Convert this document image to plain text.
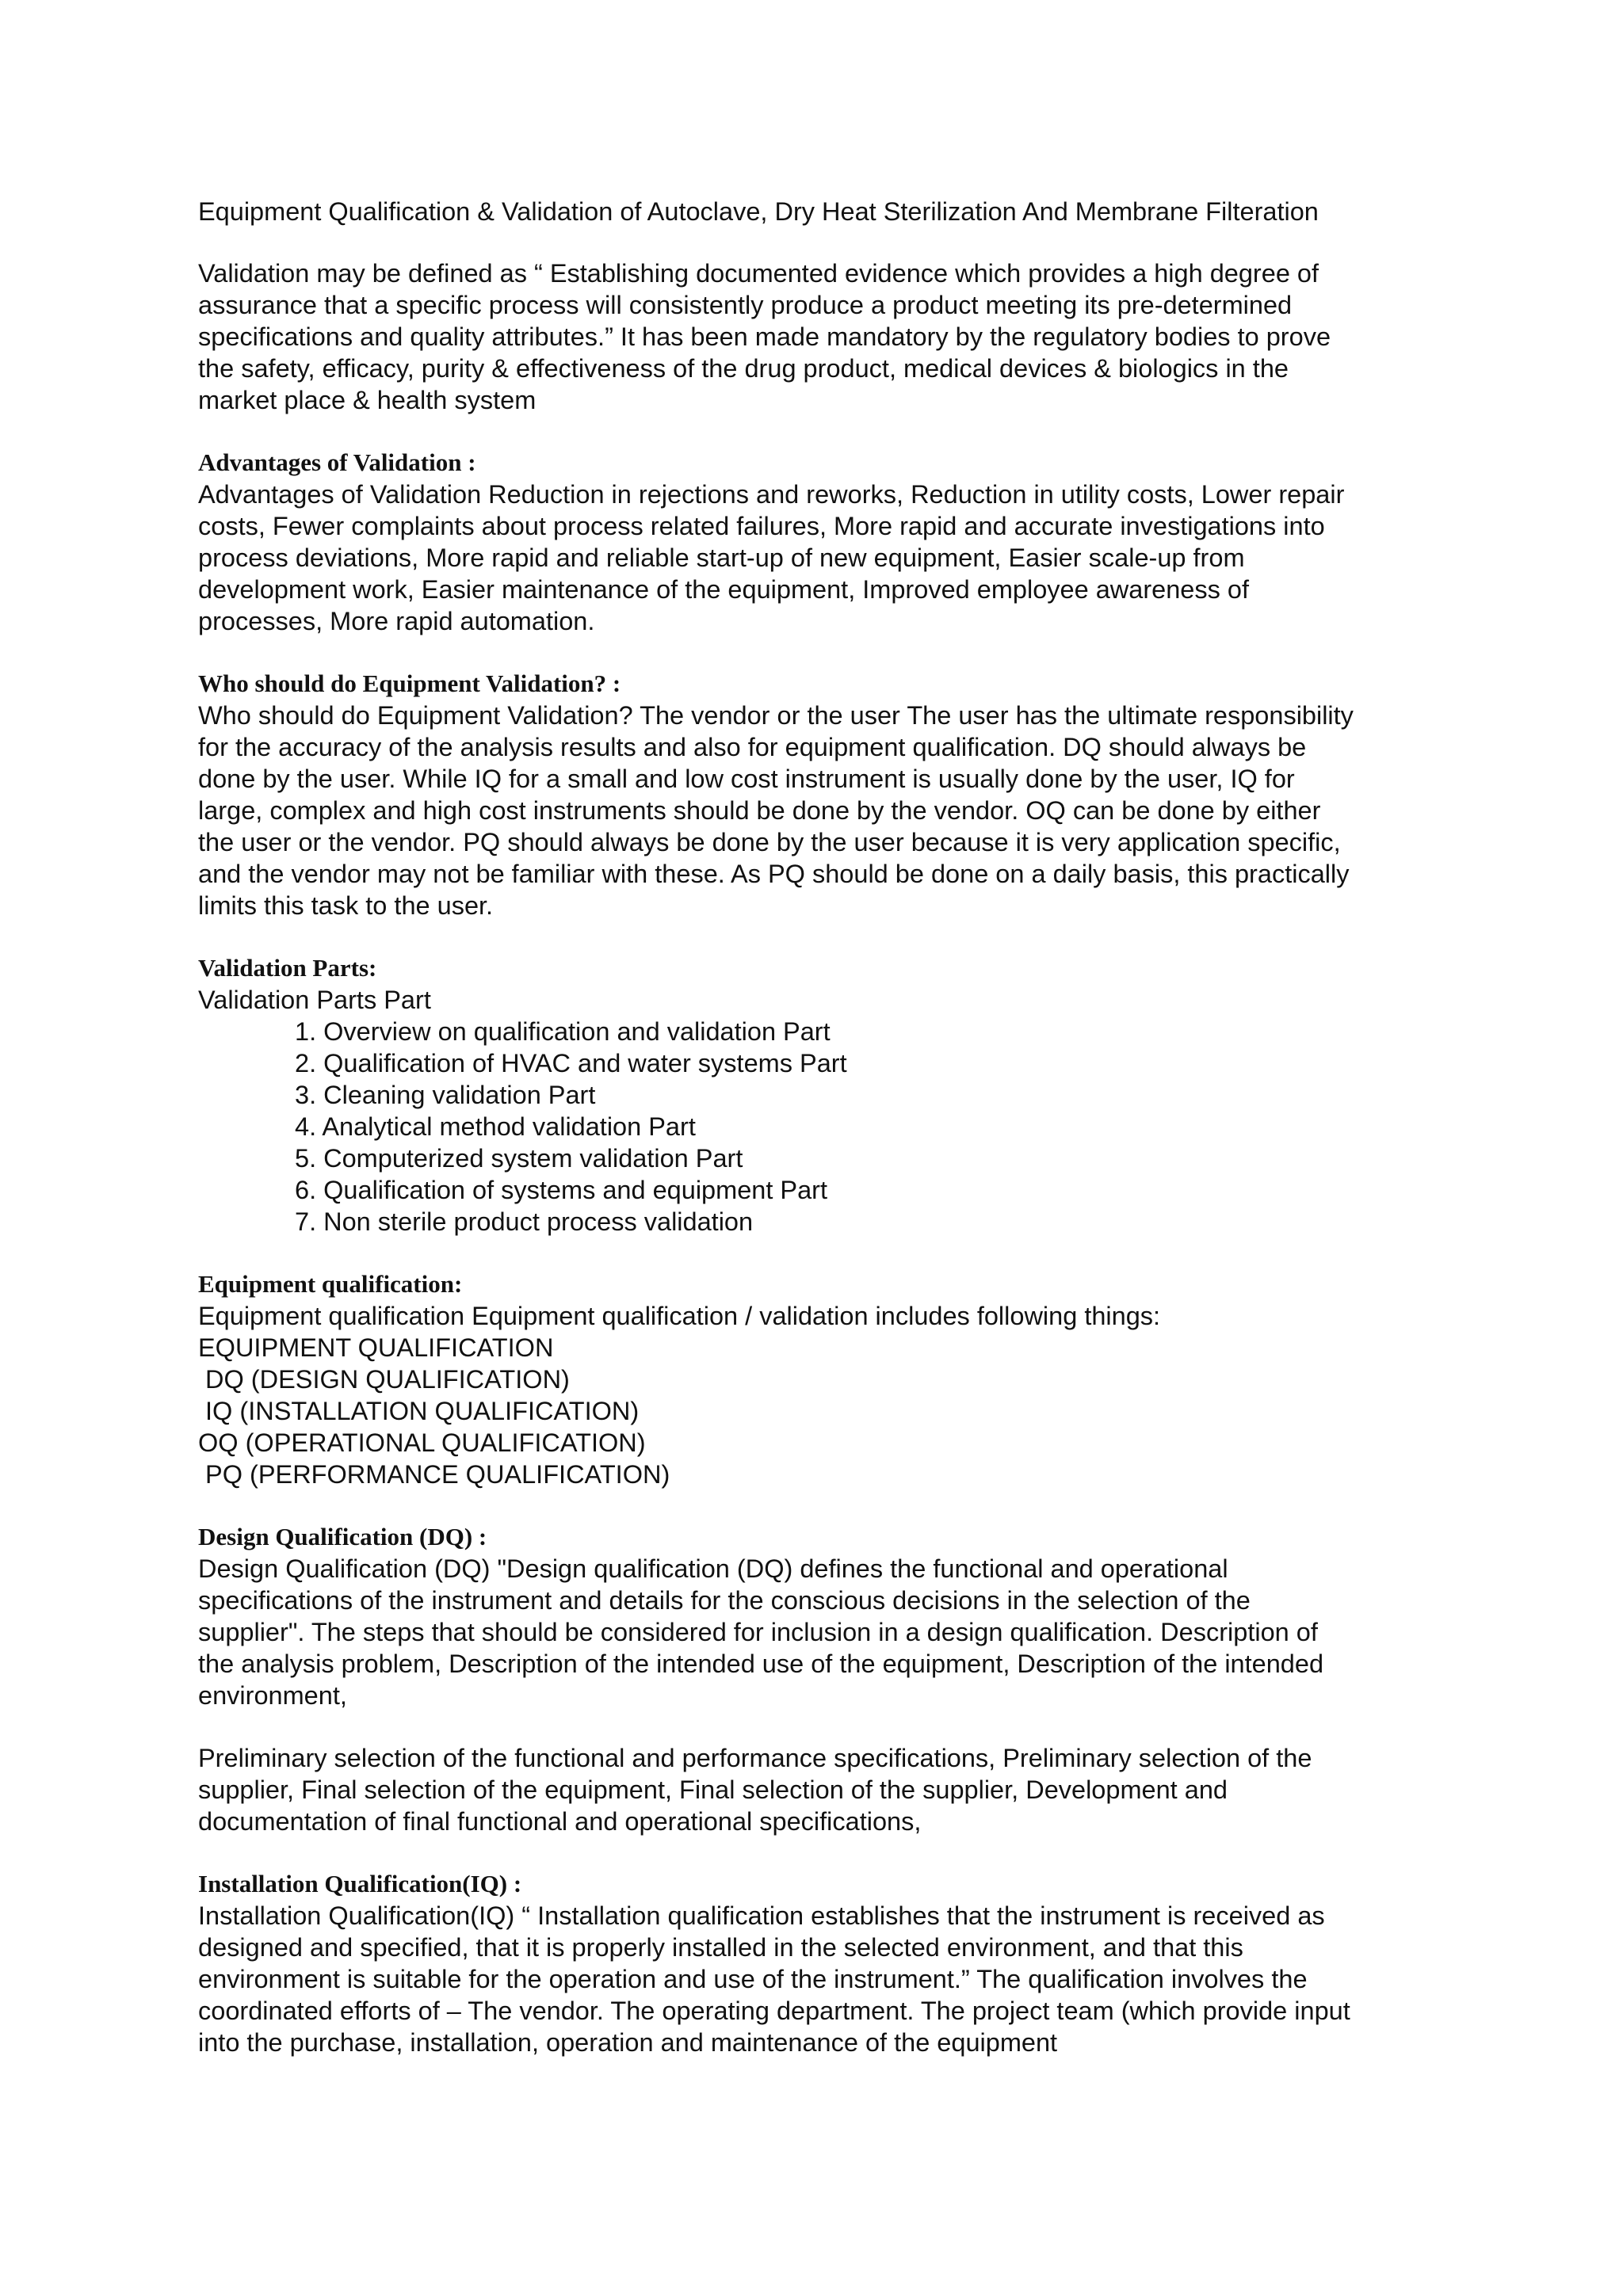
Equipment Qualification & Validation of Autoclave, Dry Heat Sterilization And Membrane Filteration
Validation may be defined as “ Establishing documented evidence which provides a high degree of
assurance that a specific process will consistently produce a product meeting its pre-determined
specifications and quality attributes.” It has been made mandatory by the regulatory bodies to prove
the safety, efficacy, purity & effectiveness of the drug product, medical devices & biologics in the
market place & health system
Advantages of Validation :
Advantages of Validation Reduction in rejections and reworks, Reduction in utility costs, Lower repair
costs, Fewer complaints about process related failures, More rapid and accurate investigations into
process deviations, More rapid and reliable start-up of new equipment, Easier scale-up from
development work, Easier maintenance of the equipment, Improved employee awareness of
processes, More rapid automation.
Who should do Equipment Validation? :
Who should do Equipment Validation? The vendor or the user The user has the ultimate responsibility
for the accuracy of the analysis results and also for equipment qualification. DQ should always be
done by the user. While IQ for a small and low cost instrument is usually done by the user, IQ for
large, complex and high cost instruments should be done by the vendor. OQ can be done by either
the user or the vendor. PQ should always be done by the user because it is very application specific,
and the vendor may not be familiar with these. As PQ should be done on a daily basis, this practically
limits this task to the user.
Validation Parts:
Validation Parts Part
1. Overview on qualification and validation Part
2. Qualification of HVAC and water systems Part
3. Cleaning validation Part
4. Analytical method validation Part
5. Computerized system validation Part
6. Qualification of systems and equipment Part
7. Non sterile product process validation
Equipment qualification:
Equipment qualification Equipment qualification / validation includes following things:
EQUIPMENT QUALIFICATION
DQ (DESIGN QUALIFICATION)
IQ (INSTALLATION QUALIFICATION)
OQ (OPERATIONAL QUALIFICATION)
PQ (PERFORMANCE QUALIFICATION)
Design Qualification (DQ) :
Design Qualification (DQ) "Design qualification (DQ) defines the functional and operational
specifications of the instrument and details for the conscious decisions in the selection of the
supplier". The steps that should be considered for inclusion in a design qualification. Description of
the analysis problem, Description of the intended use of the equipment, Description of the intended
environment,
Preliminary selection of the functional and performance specifications, Preliminary selection of the
supplier, Final selection of the equipment, Final selection of the supplier, Development and
documentation of final functional and operational specifications,
Installation Qualification(IQ) :
Installation Qualification(IQ) “ Installation qualification establishes that the instrument is received as
designed and specified, that it is properly installed in the selected environment, and that this
environment is suitable for the operation and use of the instrument.” The qualification involves the
coordinated efforts of – The vendor. The operating department. The project team (which provide input
into the purchase, installation, operation and maintenance of the equipment
